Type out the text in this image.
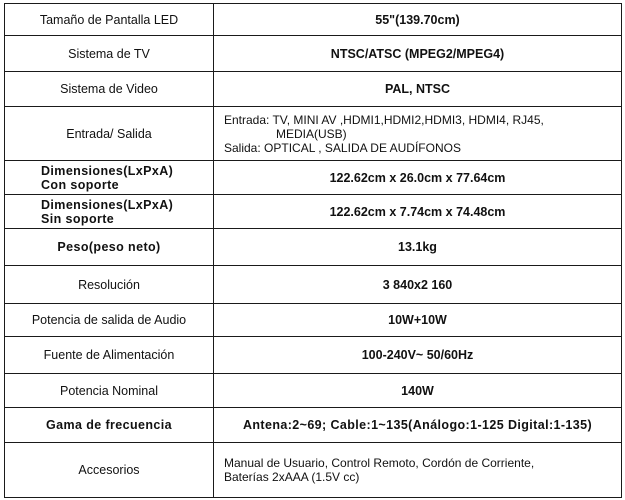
Tamaño de Pantalla LED	55"(139.70cm)
Sistema de TV	NTSC/ATSC (MPEG2/MPEG4)
Sistema de Video	PAL, NTSC
Entrada/ Salida	Entrada: TV, MINI AV ,HDMI1,HDMI2,HDMI3, HDMI4, RJ45,
MEDIA(USB)
Salida: OPTICAL , SALIDA DE AUDÍFONOS

Dimensiones(LxPxA)
Con soporte	122.62cm x 26.0cm x 77.64cm

Dimensiones(LxPxA)
Sin soporte	122.62cm x 7.74cm x 74.48cm
Peso(peso neto)	13.1kg
Resolución	3 840x2 160
Potencia de salida de Audio	10W+10W
Fuente de Alimentación	100-240V~ 50/60Hz
Potencia Nominal	140W
Gama de frecuencia	Antena:2~69; Cable:1~135(Análogo:1-125 Digital:1-135)
Accesorios	Manual de Usuario, Control Remoto, Cordón de Corriente,
Baterías 2xAAA (1.5V cc)
